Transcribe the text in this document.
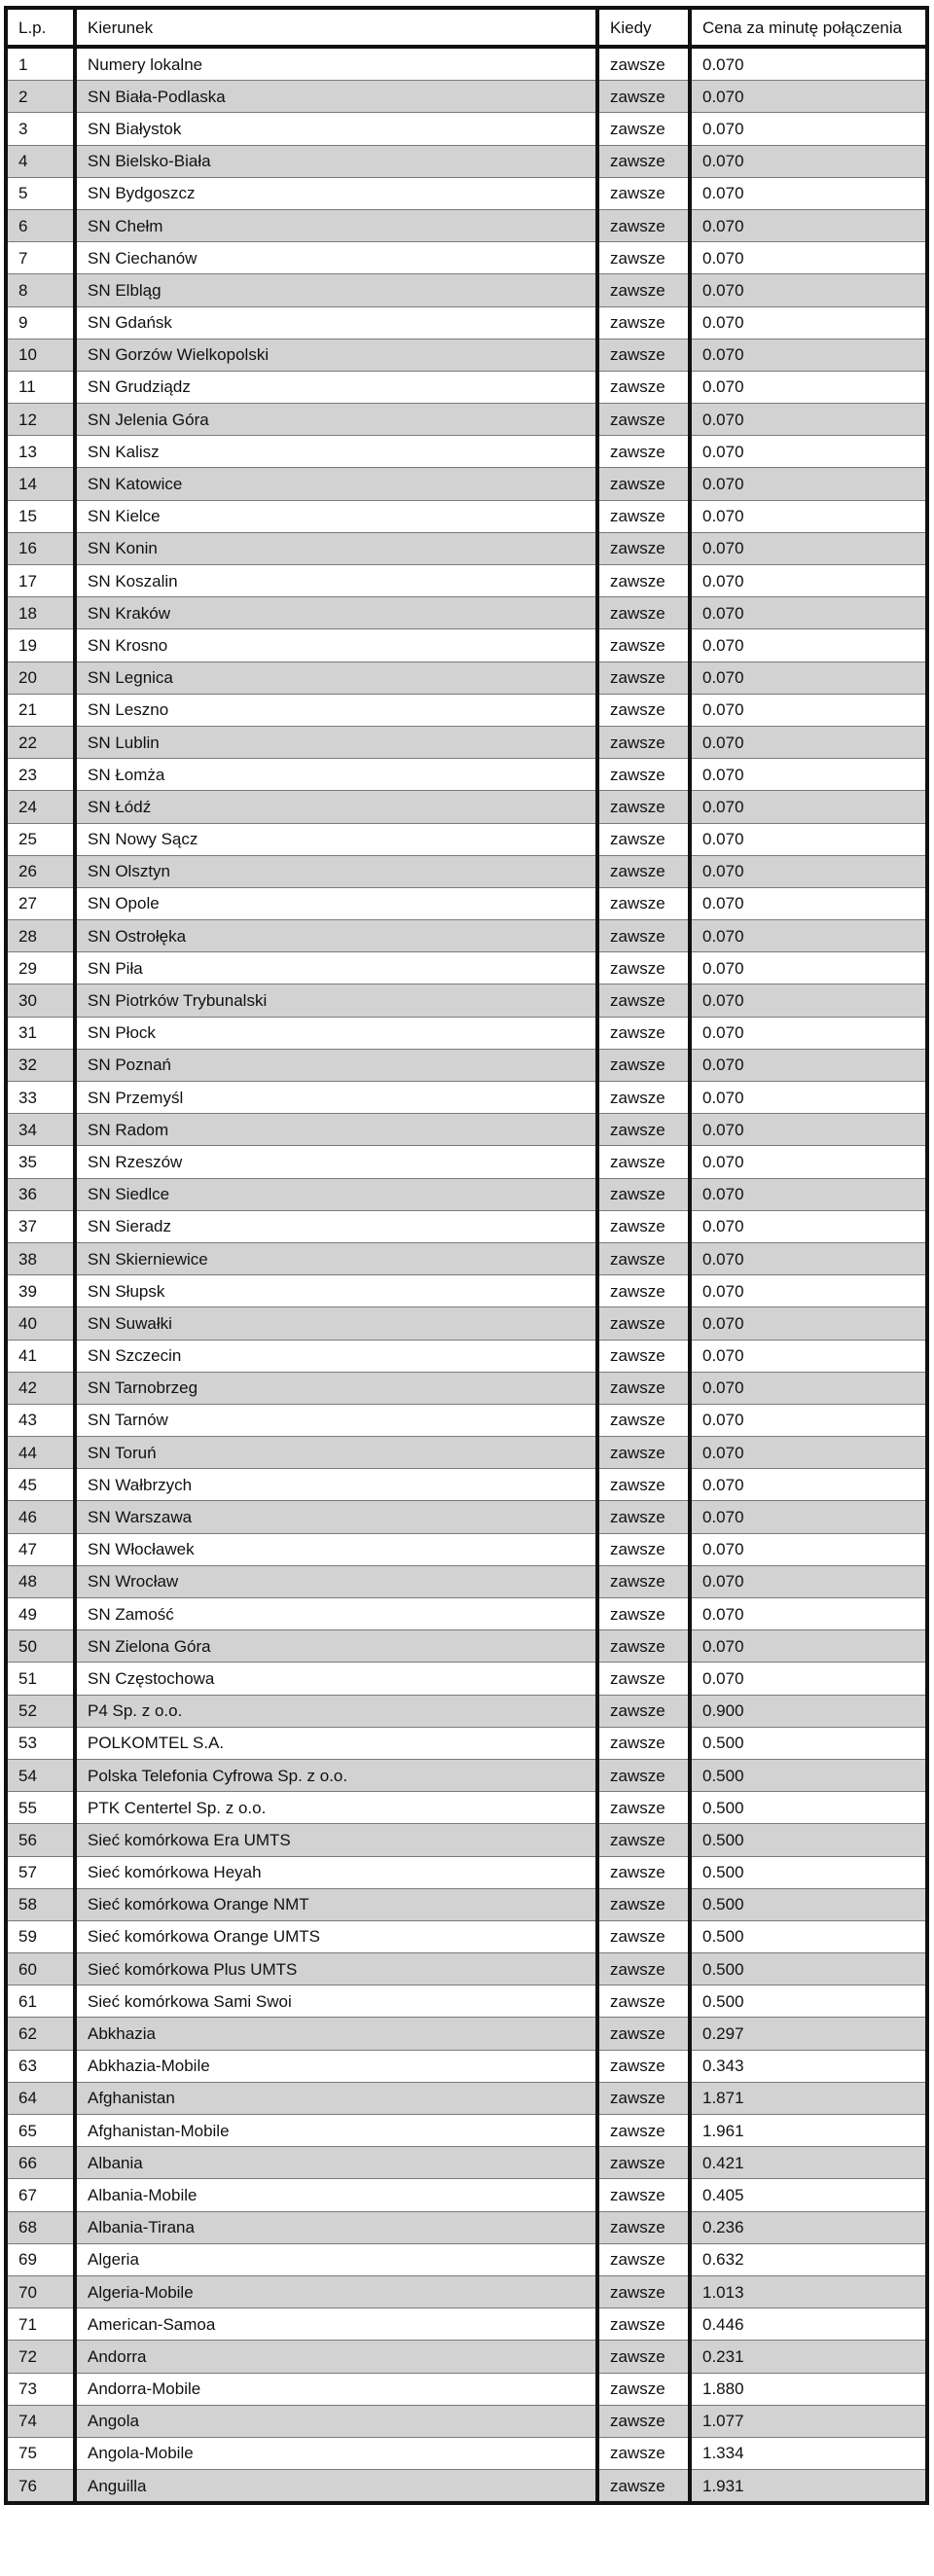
L.p.	Kierunek	Kiedy	Cena za minutę połączenia
1	Numery lokalne	zawsze	0.070
2	SN Biała-Podlaska	zawsze	0.070
3	SN Białystok	zawsze	0.070
4	SN Bielsko-Biała	zawsze	0.070
5	SN Bydgoszcz	zawsze	0.070
6	SN Chełm	zawsze	0.070
7	SN Ciechanów	zawsze	0.070
8	SN Elbląg	zawsze	0.070
9	SN Gdańsk	zawsze	0.070
10	SN Gorzów Wielkopolski	zawsze	0.070
11	SN Grudziądz	zawsze	0.070
12	SN Jelenia Góra	zawsze	0.070
13	SN Kalisz	zawsze	0.070
14	SN Katowice	zawsze	0.070
15	SN Kielce	zawsze	0.070
16	SN Konin	zawsze	0.070
17	SN Koszalin	zawsze	0.070
18	SN Kraków	zawsze	0.070
19	SN Krosno	zawsze	0.070
20	SN Legnica	zawsze	0.070
21	SN Leszno	zawsze	0.070
22	SN Lublin	zawsze	0.070
23	SN Łomża	zawsze	0.070
24	SN Łódź	zawsze	0.070
25	SN Nowy Sącz	zawsze	0.070
26	SN Olsztyn	zawsze	0.070
27	SN Opole	zawsze	0.070
28	SN Ostrołęka	zawsze	0.070
29	SN Piła	zawsze	0.070
30	SN Piotrków Trybunalski	zawsze	0.070
31	SN Płock	zawsze	0.070
32	SN Poznań	zawsze	0.070
33	SN Przemyśl	zawsze	0.070
34	SN Radom	zawsze	0.070
35	SN Rzeszów	zawsze	0.070
36	SN Siedlce	zawsze	0.070
37	SN Sieradz	zawsze	0.070
38	SN Skierniewice	zawsze	0.070
39	SN Słupsk	zawsze	0.070
40	SN Suwałki	zawsze	0.070
41	SN Szczecin	zawsze	0.070
42	SN Tarnobrzeg	zawsze	0.070
43	SN Tarnów	zawsze	0.070
44	SN Toruń	zawsze	0.070
45	SN Wałbrzych	zawsze	0.070
46	SN Warszawa	zawsze	0.070
47	SN Włocławek	zawsze	0.070
48	SN Wrocław	zawsze	0.070
49	SN Zamość	zawsze	0.070
50	SN Zielona Góra	zawsze	0.070
51	SN Częstochowa	zawsze	0.070
52	P4 Sp. z o.o.	zawsze	0.900
53	POLKOMTEL S.A.	zawsze	0.500
54	Polska Telefonia Cyfrowa Sp. z o.o.	zawsze	0.500
55	PTK Centertel Sp. z o.o.	zawsze	0.500
56	Sieć komórkowa Era UMTS	zawsze	0.500
57	Sieć komórkowa Heyah	zawsze	0.500
58	Sieć komórkowa Orange NMT	zawsze	0.500
59	Sieć komórkowa Orange UMTS	zawsze	0.500
60	Sieć komórkowa Plus UMTS	zawsze	0.500
61	Sieć komórkowa Sami Swoi	zawsze	0.500
62	Abkhazia	zawsze	0.297
63	Abkhazia-Mobile	zawsze	0.343
64	Afghanistan	zawsze	1.871
65	Afghanistan-Mobile	zawsze	1.961
66	Albania	zawsze	0.421
67	Albania-Mobile	zawsze	0.405
68	Albania-Tirana	zawsze	0.236
69	Algeria	zawsze	0.632
70	Algeria-Mobile	zawsze	1.013
71	American-Samoa	zawsze	0.446
72	Andorra	zawsze	0.231
73	Andorra-Mobile	zawsze	1.880
74	Angola	zawsze	1.077
75	Angola-Mobile	zawsze	1.334
76	Anguilla	zawsze	1.931
